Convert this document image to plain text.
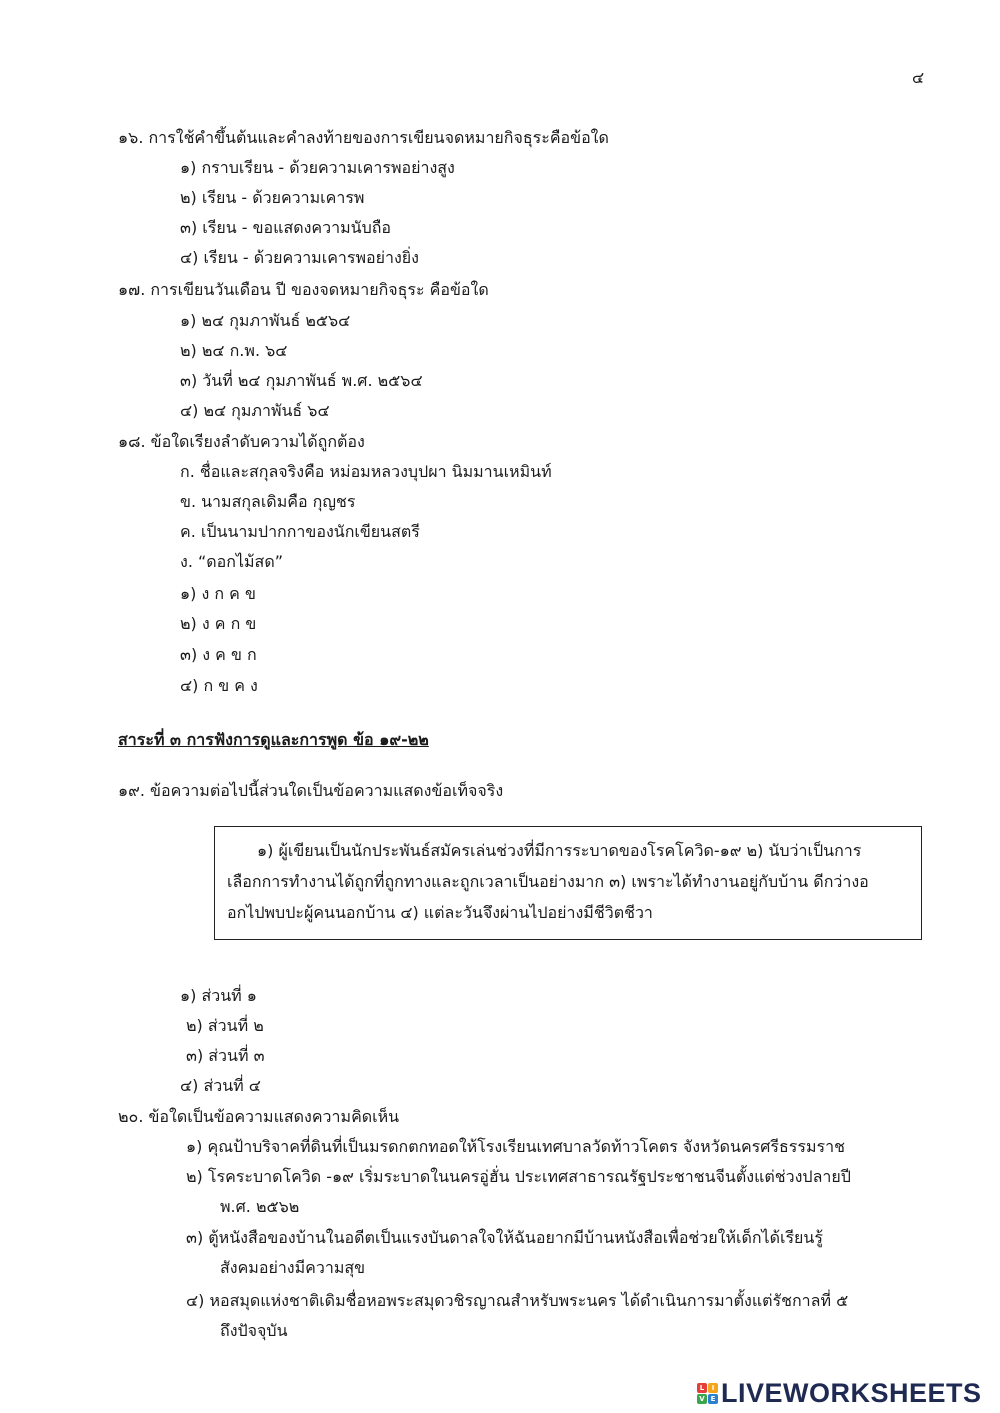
๔
๑๖. การใช้คำขึ้นต้นและคำลงท้ายของการเขียนจดหมายกิจธุระคือข้อใด
๑) กราบเรียน - ด้วยความเคารพอย่างสูง
๒) เรียน - ด้วยความเคารพ
๓) เรียน - ขอแสดงความนับถือ
๔) เรียน - ด้วยความเคารพอย่างยิ่ง
๑๗. การเขียนวันเดือน ปี ของจดหมายกิจธุระ คือข้อใด
๑) ๒๔ กุมภาพันธ์ ๒๕๖๔
๒) ๒๔ ก.พ. ๖๔
๓) วันที่ ๒๔ กุมภาพันธ์ พ.ศ. ๒๕๖๔
๔) ๒๔ กุมภาพันธ์ ๖๔
๑๘. ข้อใดเรียงลำดับความได้ถูกต้อง
ก. ชื่อและสกุลจริงคือ หม่อมหลวงบุปผา นิมมานเหมินท์
ข. นามสกุลเดิมคือ กุญชร
ค. เป็นนามปากกาของนักเขียนสตรี
ง. “ดอกไม้สด”
๑) ง ก ค ข
๒) ง ค ก ข
๓) ง ค ข ก
๔) ก ข ค ง
สาระที่ ๓ การฟังการดูและการพูด ข้อ ๑๙-๒๒
๑๙. ข้อความต่อไปนี้ส่วนใดเป็นข้อความแสดงข้อเท็จจริง
๑) ผู้เขียนเป็นนักประพันธ์สมัครเล่นช่วงที่มีการระบาดของโรคโควิด-๑๙ ๒) นับว่าเป็นการ
เลือกการทำงานได้ถูกที่ถูกทางและถูกเวลาเป็นอย่างมาก ๓) เพราะได้ทำงานอยู่กับบ้าน ดีกว่างอ
อกไปพบปะผู้คนนอกบ้าน ๔) แต่ละวันจึงผ่านไปอย่างมีชีวิตชีวา
๑) ส่วนที่ ๑
๒) ส่วนที่ ๒
๓) ส่วนที่ ๓
๔) ส่วนที่ ๔
๒๐. ข้อใดเป็นข้อความแสดงความคิดเห็น
๑) คุณป้าบริจาคที่ดินที่เป็นมรดกตกทอดให้โรงเรียนเทศบาลวัดท้าวโคตร จังหวัดนครศรีธรรมราช
๒) โรคระบาดโควิด -๑๙ เริ่มระบาดในนครอู่ฮั่น ประเทศสาธารณรัฐประชาชนจีนตั้งแต่ช่วงปลายปี
พ.ศ. ๒๕๖๒
๓) ตู้หนังสือของบ้านในอดีตเป็นแรงบันดาลใจให้ฉันอยากมีบ้านหนังสือเพื่อช่วยให้เด็กได้เรียนรู้
สังคมอย่างมีความสุข
๔) หอสมุดแห่งชาติเดิมชื่อหอพระสมุดวชิรญาณสำหรับพระนคร ได้ดำเนินการมาตั้งแต่รัชกาลที่ ๕
ถึงปัจจุบัน
L	I
V E LIVEWORKSHEETS
